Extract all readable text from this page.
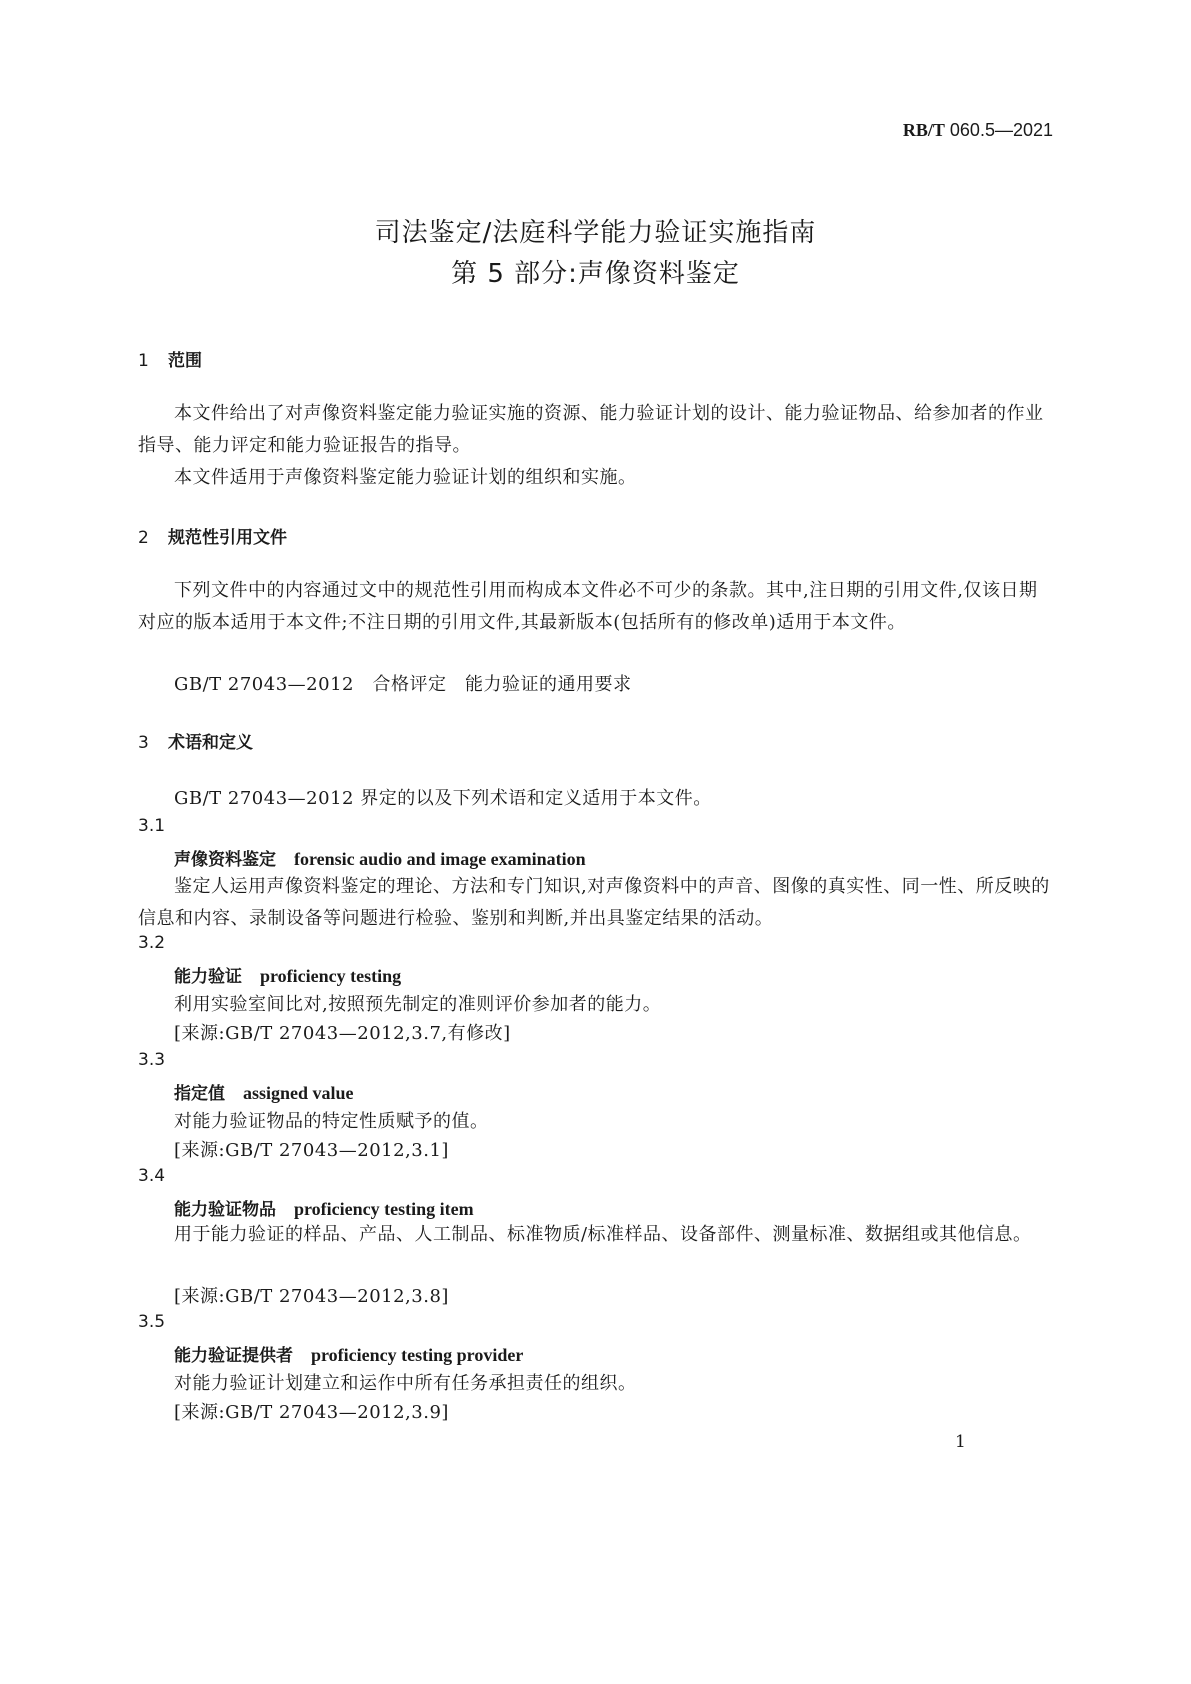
RB/T 060.5—2021
司法鉴定/法庭科学能力验证实施指南
第 5 部分:声像资料鉴定
1 范围
本文件给出了对声像资料鉴定能力验证实施的资源、能力验证计划的设计、能力验证物品、给参加者的作业指导、能力评定和能力验证报告的指导。
本文件适用于声像资料鉴定能力验证计划的组织和实施。
2 规范性引用文件
下列文件中的内容通过文中的规范性引用而构成本文件必不可少的条款。其中,注日期的引用文件,仅该日期对应的版本适用于本文件;不注日期的引用文件,其最新版本(包括所有的修改单)适用于本文件。
GB/T 27043—2012　合格评定　能力验证的通用要求
3 术语和定义
GB/T 27043—2012 界定的以及下列术语和定义适用于本文件。
3.1
声像资料鉴定 forensic audio and image examination
鉴定人运用声像资料鉴定的理论、方法和专门知识,对声像资料中的声音、图像的真实性、同一性、所反映的信息和内容、录制设备等问题进行检验、鉴别和判断,并出具鉴定结果的活动。
3.2
能力验证 proficiency testing
利用实验室间比对,按照预先制定的准则评价参加者的能力。
[来源:GB/T 27043—2012,3.7,有修改]
3.3
指定值 assigned value
对能力验证物品的特定性质赋予的值。
[来源:GB/T 27043—2012,3.1]
3.4
能力验证物品 proficiency testing item
用于能力验证的样品、产品、人工制品、标准物质/标准样品、设备部件、测量标准、数据组或其他信息。
[来源:GB/T 27043—2012,3.8]
3.5
能力验证提供者 proficiency testing provider
对能力验证计划建立和运作中所有任务承担责任的组织。
[来源:GB/T 27043—2012,3.9]
1
